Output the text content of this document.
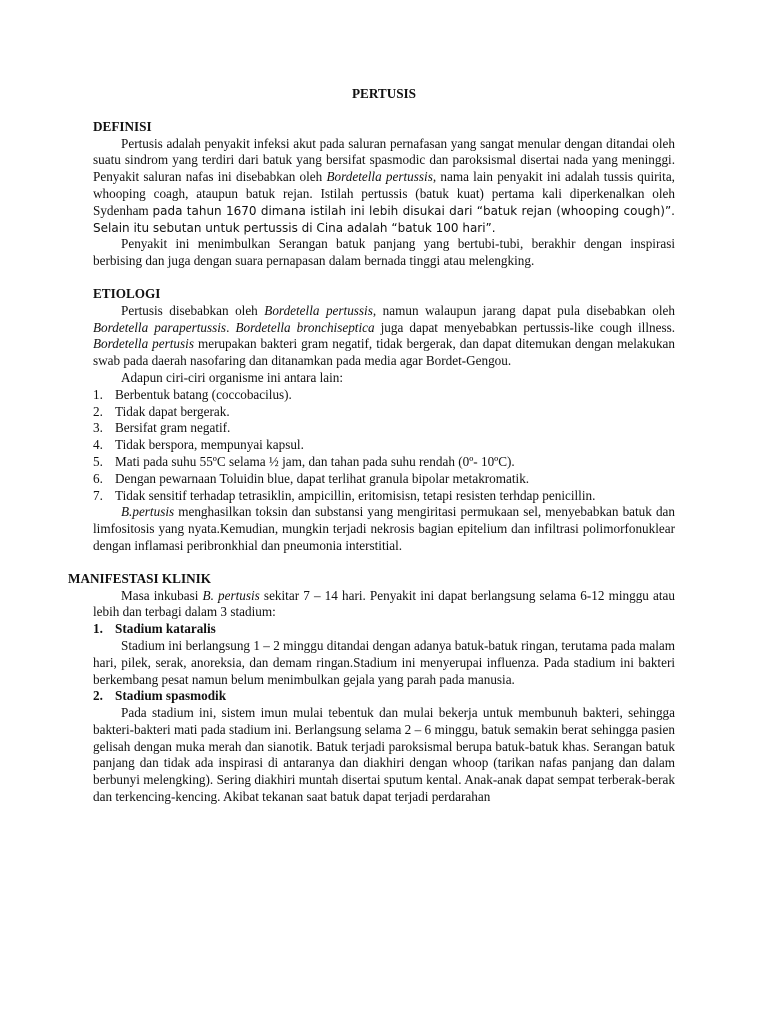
PERTUSIS
DEFINISI

Pertusis adalah penyakit infeksi akut pada saluran pernafasan yang sangat menular dengan ditandai oleh suatu sindrom yang terdiri dari batuk yang bersifat spasmodic dan paroksismal disertai nada yang meninggi. Penyakit saluran nafas ini disebabkan oleh Bordetella pertussis, nama lain penyakit ini adalah tussis quirita, whooping coagh, ataupun batuk rejan. Istilah pertussis (batuk kuat) pertama kali diperkenalkan oleh Sydenham pada tahun 1670 dimana istilah ini lebih disukai dari “batuk rejan (whooping cough)”. Selain itu sebutan untuk pertussis di Cina adalah “batuk 100 hari”.

Penyakit ini menimbulkan Serangan batuk panjang yang bertubi-tubi, berakhir dengan inspirasi berbising dan juga dengan suara pernapasan dalam bernada tinggi atau melengking.

ETIOLOGI

Pertusis disebabkan oleh Bordetella pertussis, namun walaupun jarang dapat pula disebabkan oleh Bordetella parapertussis. Bordetella bronchiseptica juga dapat menyebabkan pertussis-like cough illness. Bordetella pertusis merupakan bakteri gram negatif, tidak bergerak, dan dapat ditemukan dengan melakukan swab pada daerah nasofaring dan ditanamkan pada media agar Bordet-Gengou.

Adapun ciri-ciri organisme ini antara lain:

1. Berbentuk batang (coccobacilus).
2. Tidak dapat bergerak.
3. Bersifat gram negatif.
4. Tidak berspora, mempunyai kapsul.
5. Mati pada suhu 55ºC selama ½ jam, dan tahan pada suhu rendah (0º- 10ºC).
6. Dengan pewarnaan Toluidin blue, dapat terlihat granula bipolar metakromatik.
7. Tidak sensitif terhadap tetrasiklin, ampicillin, eritomisisn, tetapi resisten terhdap penicillin.

B.pertusis menghasilkan toksin dan substansi yang mengiritasi permukaan sel, menyebabkan batuk dan limfositosis yang nyata.Kemudian, mungkin terjadi nekrosis bagian epitelium dan infiltrasi polimorfonuklear dengan inflamasi peribronkhial dan pneumonia interstitial.

MANIFESTASI KLINIK

Masa inkubasi B. pertusis sekitar 7 – 14 hari. Penyakit ini dapat berlangsung selama 6-12 minggu atau lebih dan terbagi dalam 3 stadium:

1. Stadium kataralis

Stadium ini berlangsung 1 – 2 minggu ditandai dengan adanya batuk-batuk ringan, terutama pada malam hari, pilek, serak, anoreksia, dan demam ringan.Stadium ini menyerupai influenza. Pada stadium ini bakteri berkembang pesat namun belum menimbulkan gejala yang parah pada manusia.

2. Stadium spasmodik

Pada stadium ini, sistem imun mulai tebentuk dan mulai bekerja untuk membunuh bakteri, sehingga bakteri-bakteri mati pada stadium ini. Berlangsung selama 2 – 6 minggu, batuk semakin berat sehingga pasien gelisah dengan muka merah dan sianotik. Batuk terjadi paroksismal berupa batuk-batuk khas. Serangan batuk panjang dan tidak ada inspirasi di antaranya dan diakhiri dengan whoop (tarikan nafas panjang dan dalam berbunyi melengking). Sering diakhiri muntah disertai sputum kental. Anak-anak dapat sempat terberak-berak dan terkencing-kencing. Akibat tekanan saat batuk dapat terjadi perdarahan
